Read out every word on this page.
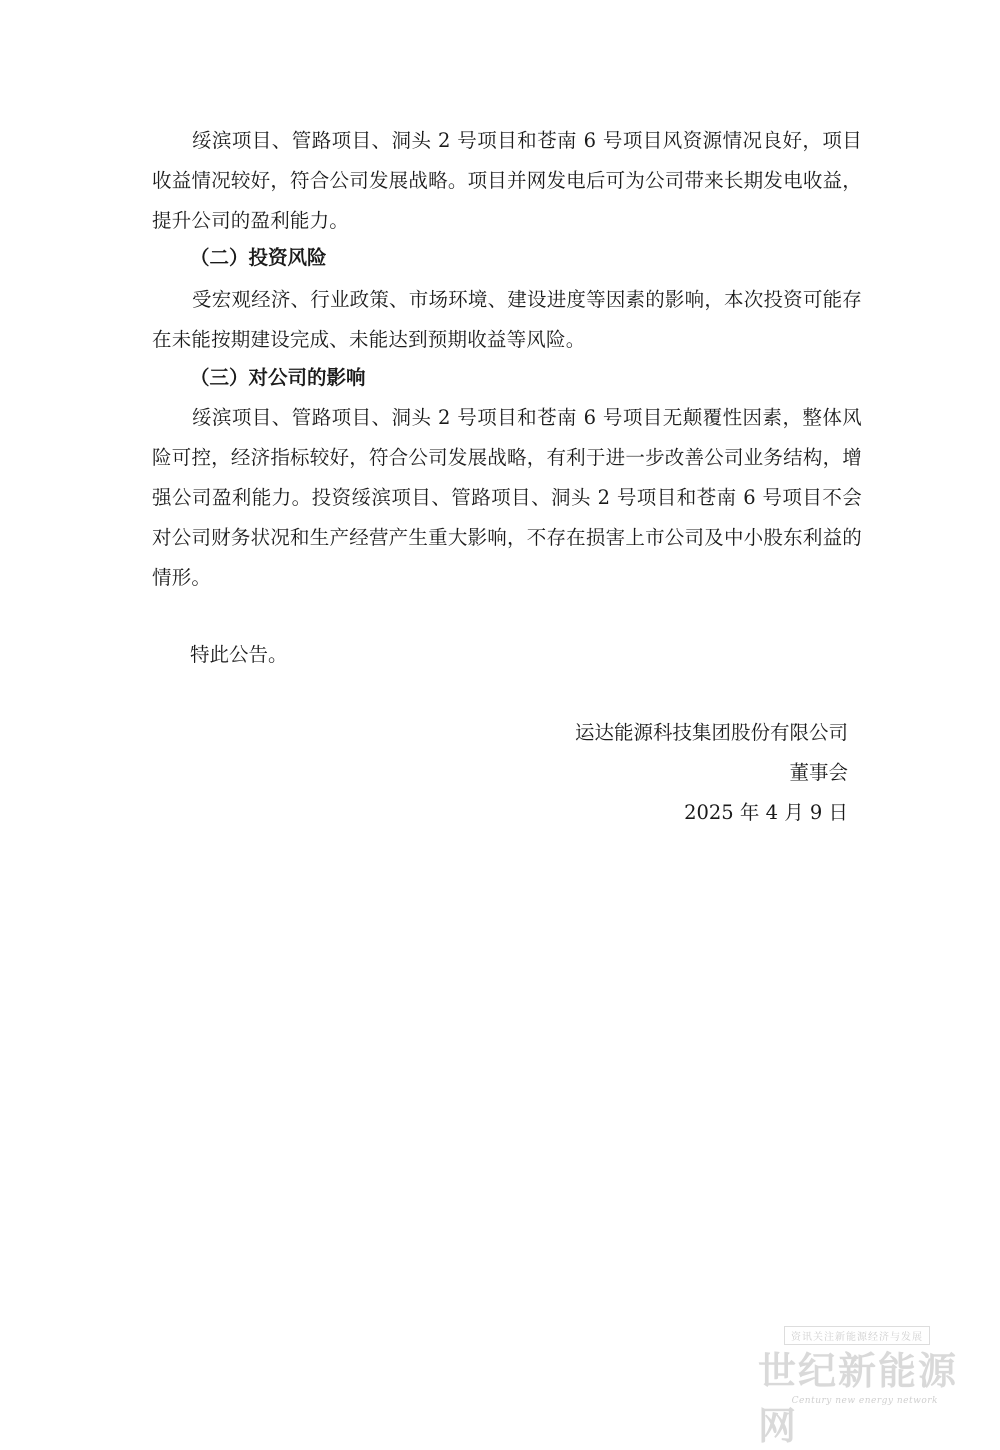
绥滨项目、管路项目、洞头 2 号项目和苍南 6 号项目风资源情况良好，项目收益情况较好，符合公司发展战略。项目并网发电后可为公司带来长期发电收益，提升公司的盈利能力。
（二）投资风险
受宏观经济、行业政策、市场环境、建设进度等因素的影响，本次投资可能存在未能按期建设完成、未能达到预期收益等风险。
（三）对公司的影响
绥滨项目、管路项目、洞头 2 号项目和苍南 6 号项目无颠覆性因素，整体风险可控，经济指标较好，符合公司发展战略，有利于进一步改善公司业务结构，增强公司盈利能力。投资绥滨项目、管路项目、洞头 2 号项目和苍南 6 号项目不会对公司财务状况和生产经营产生重大影响，不存在损害上市公司及中小股东利益的情形。
特此公告。
运达能源科技集团股份有限公司
董事会
2025 年 4 月 9 日
资讯关注新能源经济与发展
世纪新能源网
Century new energy network
